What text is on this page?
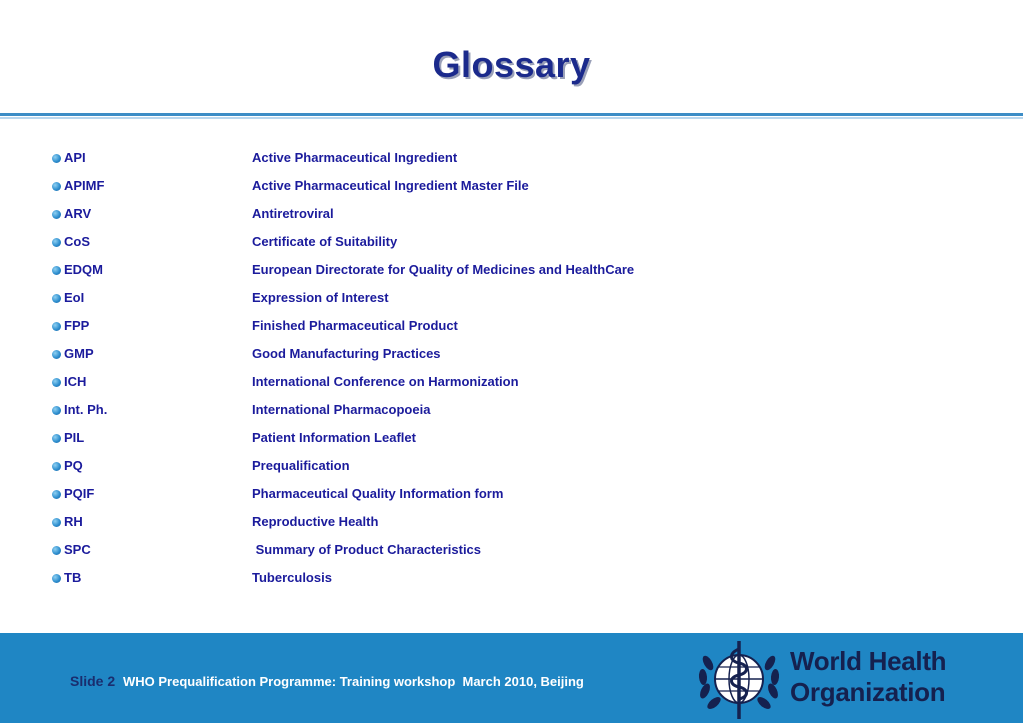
Glossary
API	Active Pharmaceutical Ingredient
APIMF	Active Pharmaceutical Ingredient Master File
ARV	Antiretroviral
CoS	Certificate of Suitability
EDQM	European Directorate for Quality of Medicines and HealthCare
EoI	Expression of Interest
FPP	Finished Pharmaceutical Product
GMP	Good Manufacturing Practices
ICH	International Conference on Harmonization
Int. Ph.	International Pharmacopoeia
PIL	Patient Information Leaflet
PQ	Prequalification
PQIF	Pharmaceutical Quality Information form
RH	Reproductive Health
SPC	Summary of Product Characteristics
TB	Tuberculosis
Slide 2 WHO Prequalification Programme: Training workshop  March 2010, Beijing
World Health
Organization
